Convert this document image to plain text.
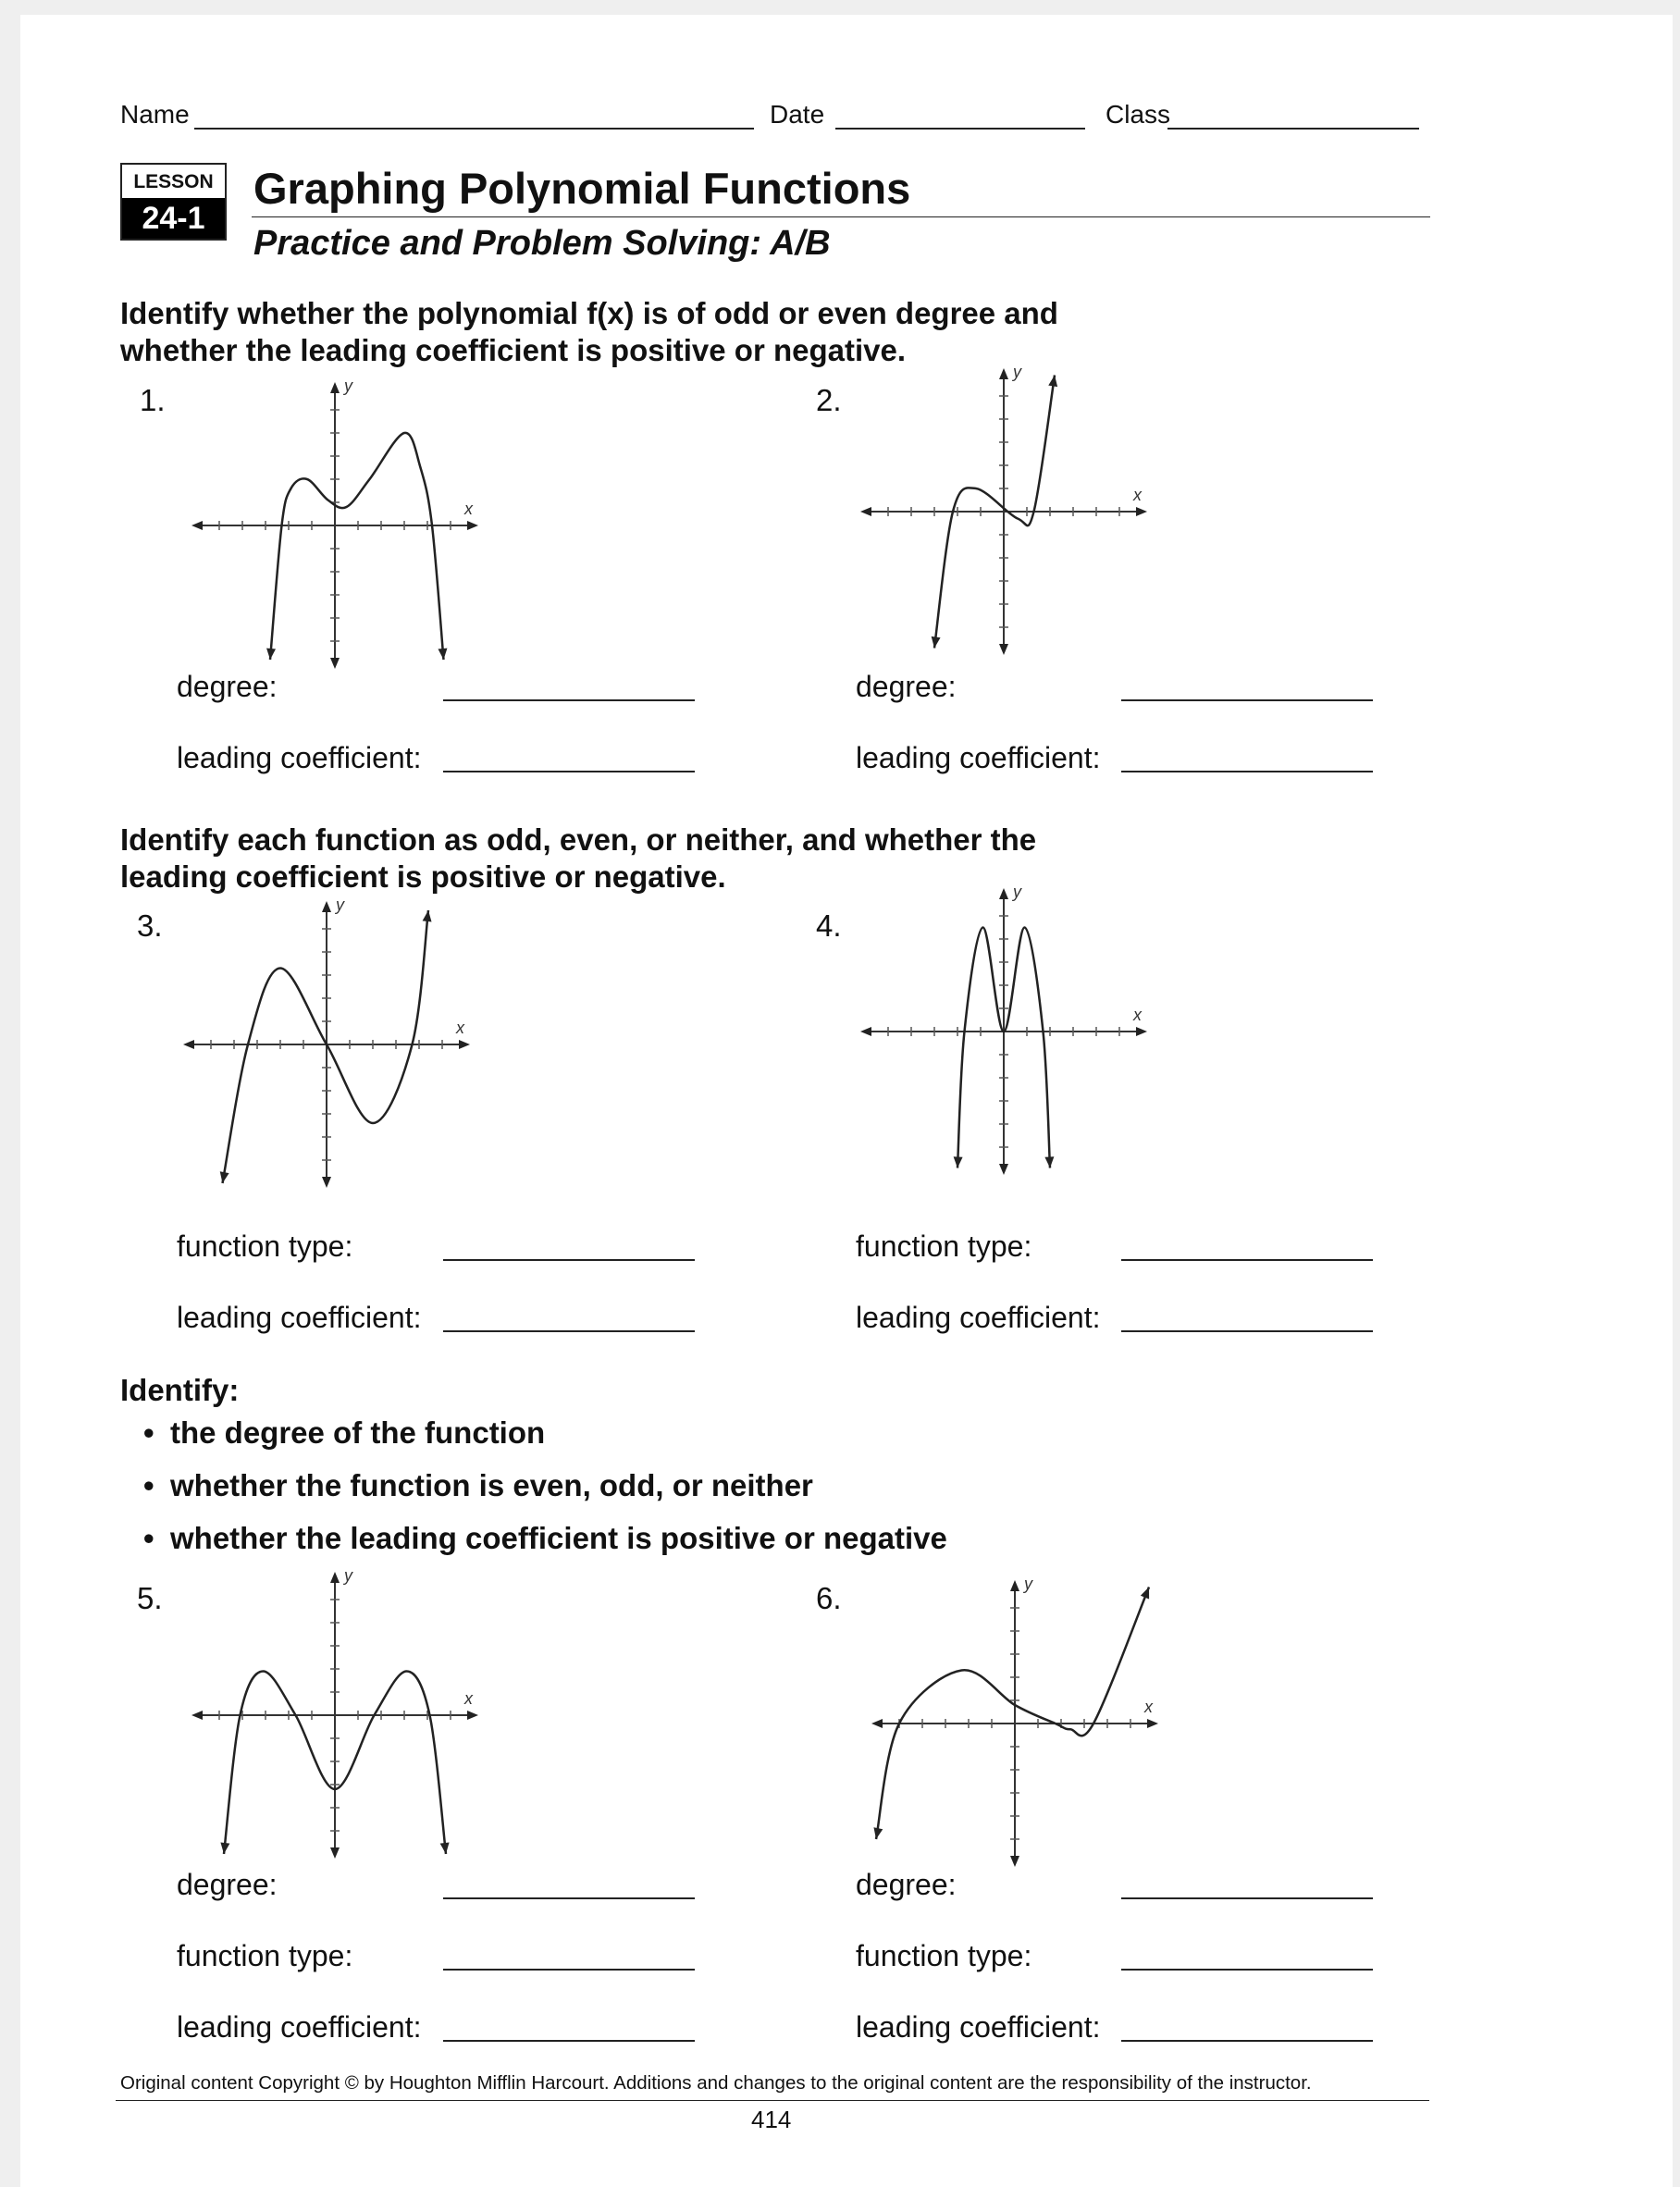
Name	Date	Class
LESSON
24-1
Graphing Polynomial Functions
Practice and Problem Solving: A/B
Identify whether the polynomial f(x) is of odd or even degree and
whether the leading coefficient is positive or negative.
Identify each function as odd, even, or neither, and whether the
leading coefficient is positive or negative.
Identify:
• the degree of the function
• whether the function is even, odd, or neither
• whether the leading coefficient is positive or negative
1.
degree:
leading coefficient:
x
y	2.
degree:
leading coefficient:
x
y
3.
function type:
leading coefficient:
x
y
4.
function type:
leading coefficient:
x
y
5.
degree:
function type:
leading coefficient:
x
y
6.
degree:
function type:
leading coefficient:
x
y
Original content Copyright © by Houghton Mifflin Harcourt. Additions and changes to the original content are the responsibility of the instructor.
414
